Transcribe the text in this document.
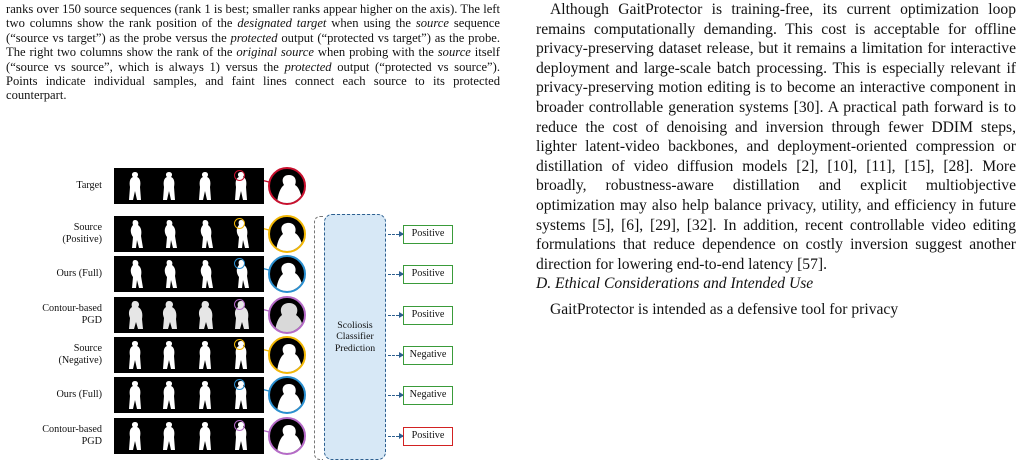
ranks over 150 source sequences (rank 1 is best; smaller ranks appear higher on the axis). The left two columns show the rank position of the designated target when using the source sequence (“source vs target”) as the probe versus the protected output (“protected vs target”) as the probe. The right two columns show the rank of the original source when probing with the source itself (“source vs source”, which is always 1) versus the protected output (“protected vs source”). Points indicate individual samples, and faint lines connect each source to its protected counterpart.

Scoliosis
Classifier
Prediction
Target
Source
(Positive)	Positive
Ours (Full)	Positive
Contour-based
PGD	Positive
Source
(Negative)	Negative
Ours (Full)	Negative
Contour-based
PGD	Positive

Although GaitProtector is training-free, its current optimization loop remains computationally demanding. This cost is acceptable for offline privacy-preserving dataset release, but it remains a limitation for interactive deployment and large-scale batch processing. This is especially relevant if privacy-preserving motion editing is to become an interactive component in broader controllable generation systems [30]. A practical path forward is to reduce the cost of denoising and inversion through fewer DDIM steps, lighter latent-video backbones, and deployment-oriented compression or distillation of video diffusion models [2], [10], [11], [15], [28]. More broadly, robustness-aware distillation and explicit multiobjective optimization may also help balance privacy, utility, and efficiency in future systems [5], [6], [29], [32]. In addition, recent controllable video editing formulations that reduce dependence on costly inversion suggest another direction for lowering end-to-end latency [57].

D. Ethical Considerations and Intended Use

GaitProtector is intended as a defensive tool for privacy
